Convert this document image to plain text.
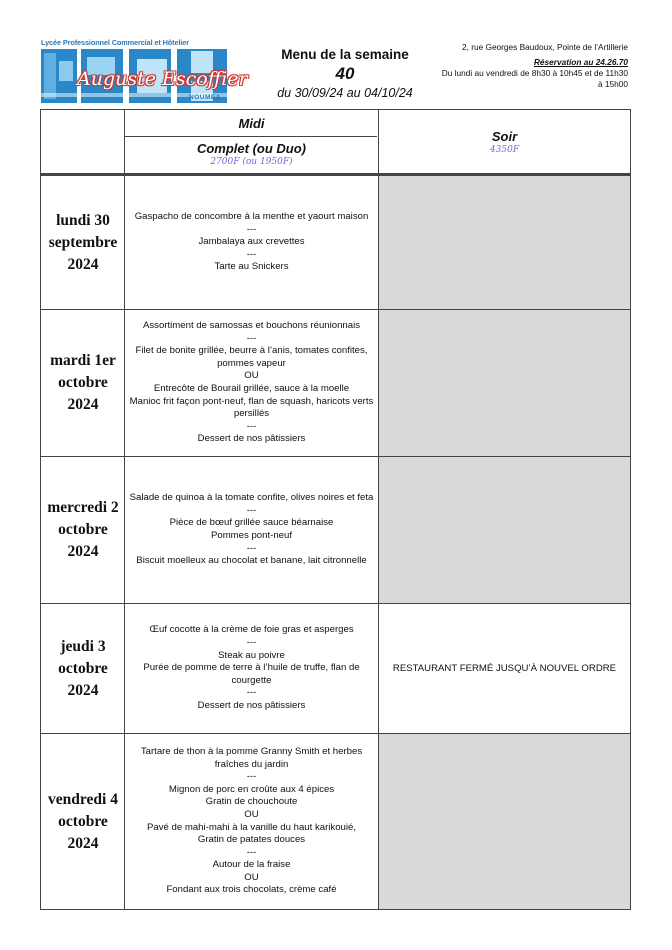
Lycée Professionnel Commercial et Hôtelier
Auguste Escoffier
NOUMEA
Menu de la semaine
40
du 30/09/24 au 04/10/24
2, rue Georges Baudoux, Pointe de l’Artillerie
Réservation au 24.26.70
Du lundi au vendredi de 8h30 à 10h45 et de 11h30 à 15h00
Midi
Complet (ou Duo)
2700F (ou 1950F)
Soir
4350F
lundi 30 septembre 2024
Gaspacho de concombre à la menthe et yaourt maison
---
Jambalaya aux crevettes
---
Tarte au Snickers
mardi 1er octobre 2024
Assortiment de samossas et bouchons réunionnais
---
Filet de bonite grillée, beurre à l’anis, tomates confites, pommes vapeur
OU
Entrecôte de Bourail grillée, sauce à la moelle
Manioc frit façon pont-neuf, flan de squash, haricots verts persillés
---
Dessert de nos pâtissiers
mercredi 2 octobre 2024
Salade de quinoa à la tomate confite, olives noires et feta
---
Pièce de bœuf grillée sauce béarnaise
Pommes pont-neuf
---
Biscuit moelleux au chocolat et banane, lait citronnelle
jeudi 3 octobre 2024
Œuf cocotte à la crème de foie gras et asperges
---
Steak au poivre
Purée de pomme de terre à l’huile de truffe, flan de courgette
---
Dessert de nos pâtissiers
RESTAURANT FERMÉ JUSQU’À NOUVEL ORDRE
vendredi 4 octobre 2024
Tartare de thon à la pomme Granny Smith et herbes fraîches du jardin
---
Mignon de porc en croûte aux 4 épices
Gratin de chouchoute
OU
Pavé de mahi-mahi à la vanille du haut karikouié,
Gratin de patates douces
---
Autour de la fraise
OU
Fondant aux trois chocolats, crème café
